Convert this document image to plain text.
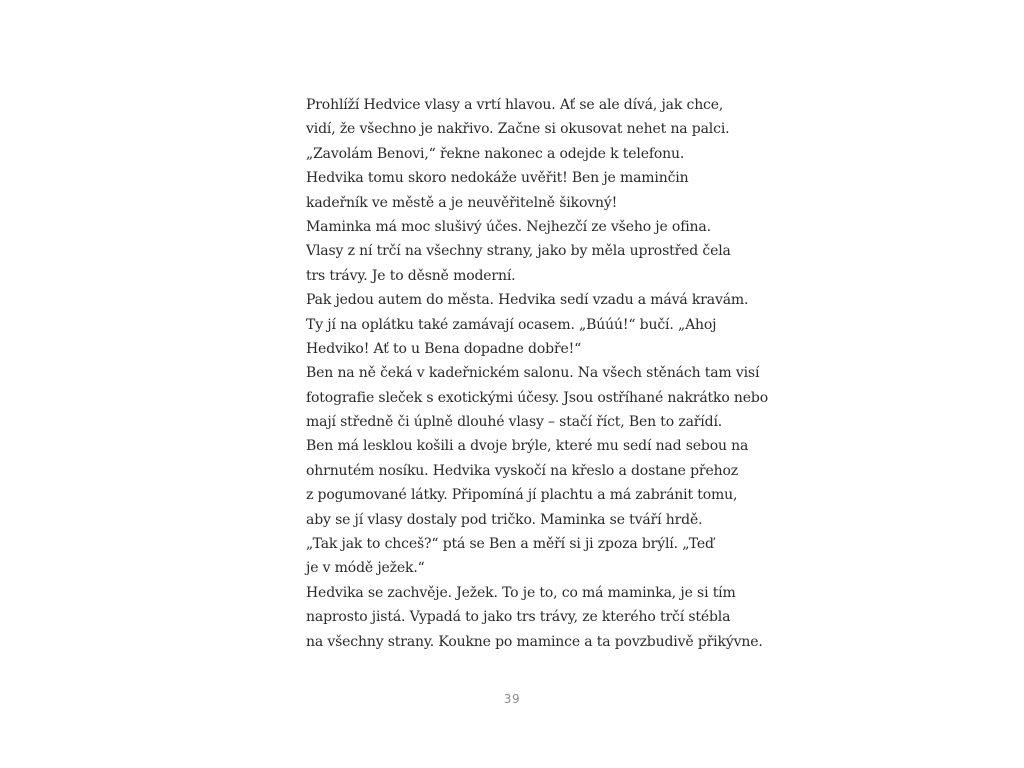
Prohlíží Hedvice vlasy a vrtí hlavou. Ať se ale dívá, jak chce,
vidí, že všechno je nakřivo. Začne si okusovat nehet na palci.
„Zavolám Benovi,“ řekne nakonec a odejde k telefonu.
Hedvika tomu skoro nedokáže uvěřit! Ben je maminčin
kadeřník ve městě a je neuvěřitelně šikovný!
Maminka má moc slušivý účes. Nejhezčí ze všeho je ofina.
Vlasy z ní trčí na všechny strany, jako by měla uprostřed čela
trs trávy. Je to děsně moderní.
Pak jedou autem do města. Hedvika sedí vzadu a mává kravám.
Ty jí na oplátku také zamávají ocasem. „Búúú!“ bučí. „Ahoj
Hedviko! Ať to u Bena dopadne dobře!“
Ben na ně čeká v kadeřnickém salonu. Na všech stěnách tam visí
fotografie sleček s exotickými účesy. Jsou ostříhané nakrátko nebo
mají středně či úplně dlouhé vlasy – stačí říct, Ben to zařídí.
Ben má lesklou košili a dvoje brýle, které mu sedí nad sebou na
ohrnutém nosíku. Hedvika vyskočí na křeslo a dostane přehoz
z pogumované látky. Připomíná jí plachtu a má zabránit tomu,
aby se jí vlasy dostaly pod tričko. Maminka se tváří hrdě.
„Tak jak to chceš?“ ptá se Ben a měří si ji zpoza brýlí. „Teď
je v módě ježek.“
Hedvika se zachvěje. Ježek. To je to, co má maminka, je si tím
naprosto jistá. Vypadá to jako trs trávy, ze kterého trčí stébla
na všechny strany. Koukne po mamince a ta povzbudivě přikývne.
39
